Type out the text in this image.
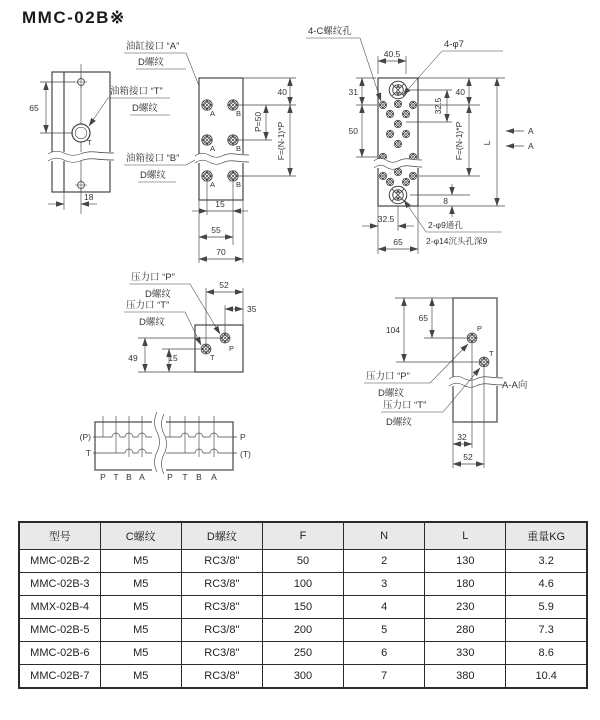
MMC-02B※
T
65
18
油缸接口 “A”
D螺纹
油箱接口 “T”
D螺纹
油箱接口 “B”
D螺纹
A	B
A	B
A	B
40
P=50 F=(N-1)*P
15
55
70
40.5
4-C螺纹孔
4-φ7
31
50
32.5
40
F=(N-1)*P L
A
A
8
32.5
65
2-φ9通孔
2-φ14沉头孔深9
P
T
压力口 “P”
D螺纹
压力口 “T”
D螺纹
52
35
49	15
P
T
65
104
压力口 “P”
D螺纹
压力口 “T”
D螺纹
A-A向
32
52
(P)
T
P
(T)
P T B A	P T B A
型号	C螺纹	D螺纹	F	N	L	重量KG
MMC-02B-2	M5	RC3/8"	50	2	130	3.2
MMC-02B-3	M5	RC3/8"	100	3	180	4.6
MMX-02B-4	M5	RC3/8"	150	4	230	5.9
MMC-02B-5	M5	RC3/8"	200	5	280	7.3
MMC-02B-6	M5	RC3/8"	250	6	330	8.6
MMC-02B-7	M5	RC3/8"	300	7	380	10.4
